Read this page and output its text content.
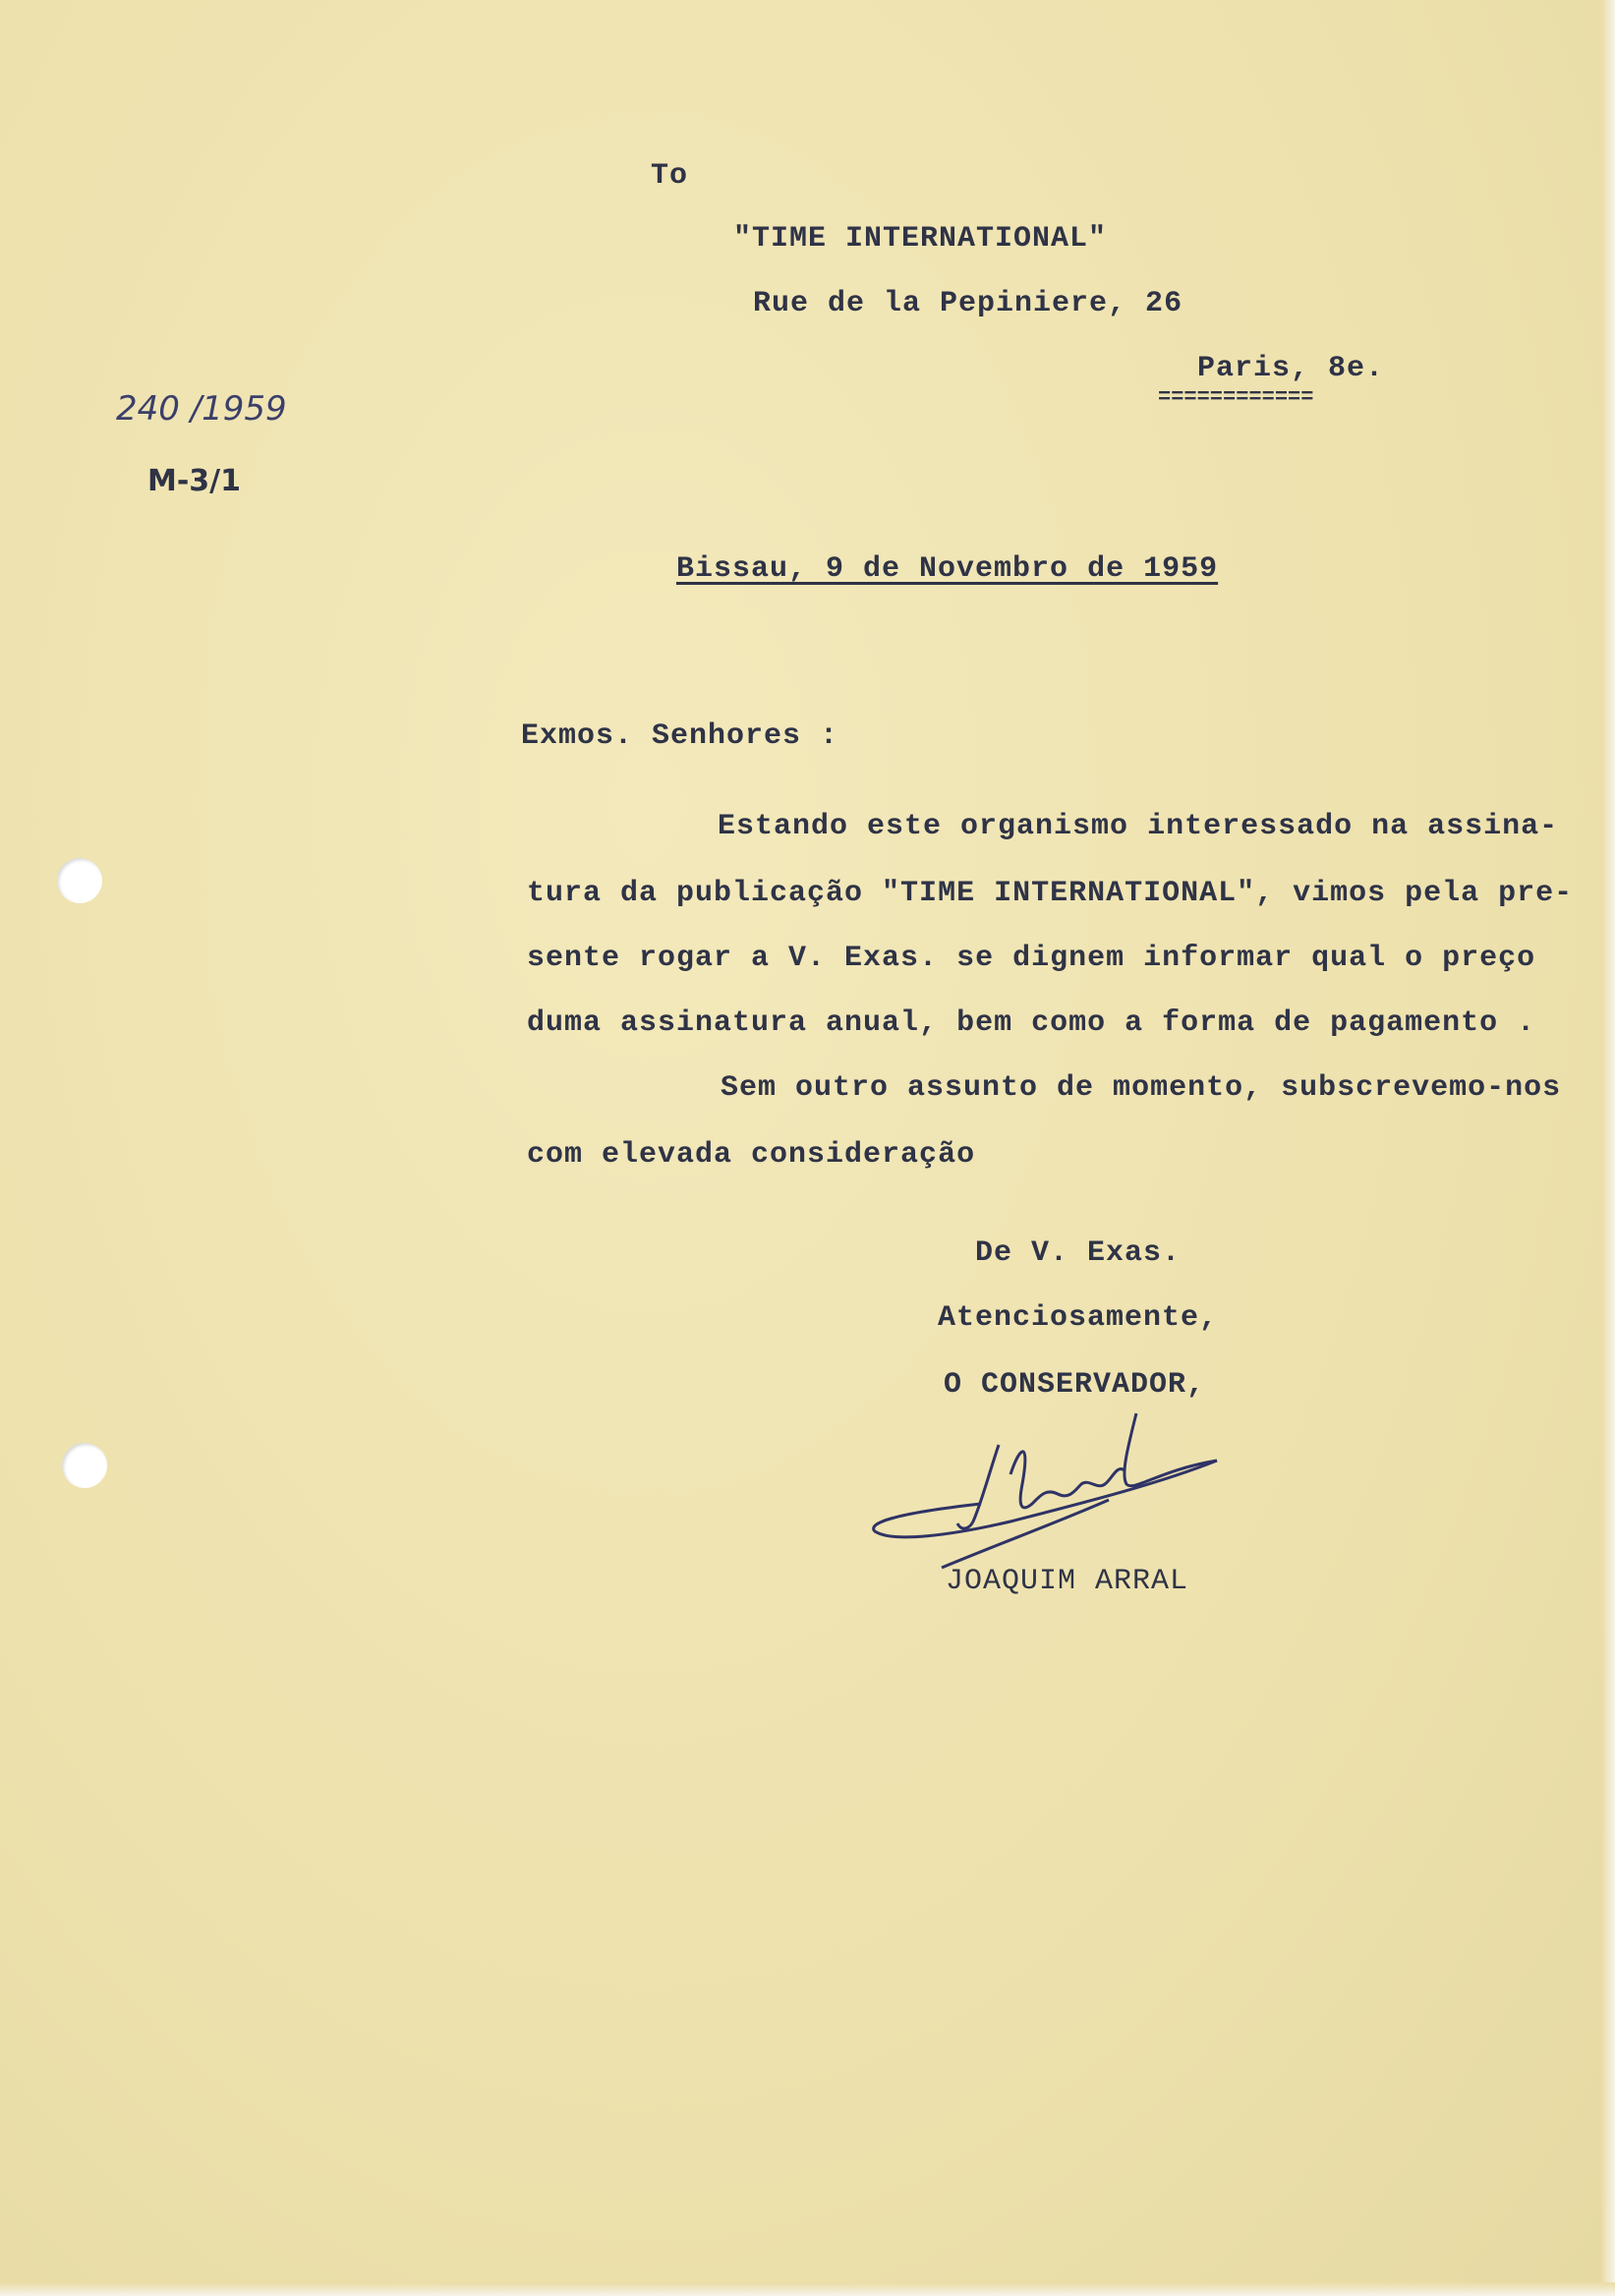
To
"TIME INTERNATIONAL"
Rue de la Pepiniere, 26
Paris, 8e.
============
240 /1959
M-3/1
Bissau, 9 de Novembro de 1959
Exmos. Senhores :
Estando este organismo interessado na assina-
tura da publicação "TIME INTERNATIONAL", vimos pela pre-
sente rogar a V. Exas. se dignem informar qual o preço
duma assinatura anual, bem como a forma de pagamento .
Sem outro assunto de momento, subscrevemo-nos
com elevada consideração
De V. Exas.
Atenciosamente,
O CONSERVADOR,
JOAQUIM ARRAL
